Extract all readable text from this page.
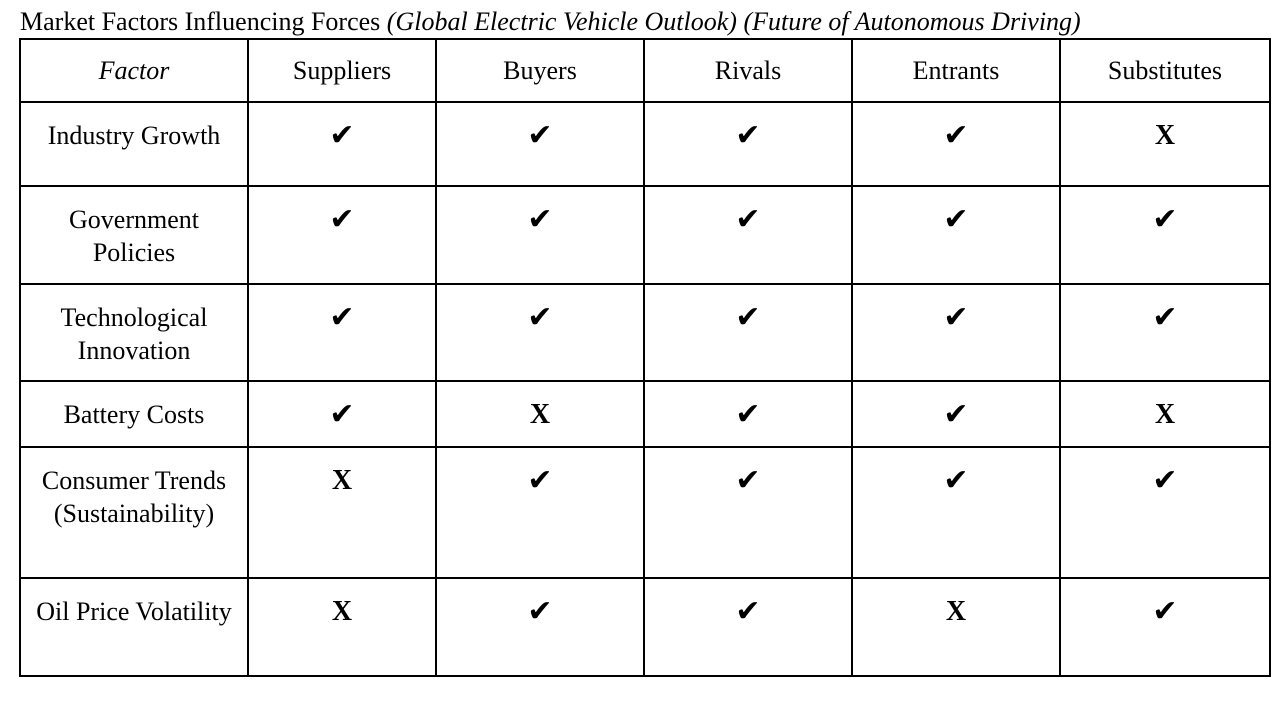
Market Factors Influencing Forces (Global Electric Vehicle Outlook) (Future of Autonomous Driving)
Factor	Suppliers	Buyers	Rivals	Entrants	Substitutes
Industry Growth	✔	✔	✔	✔	X
Government Policies	✔	✔	✔	✔	✔
Technological Innovation	✔	✔	✔	✔	✔
Battery Costs	✔	X	✔	✔	X
Consumer Trends (Sustainability)	X	✔	✔	✔	✔
Oil Price Volatility	X	✔	✔	X	✔
